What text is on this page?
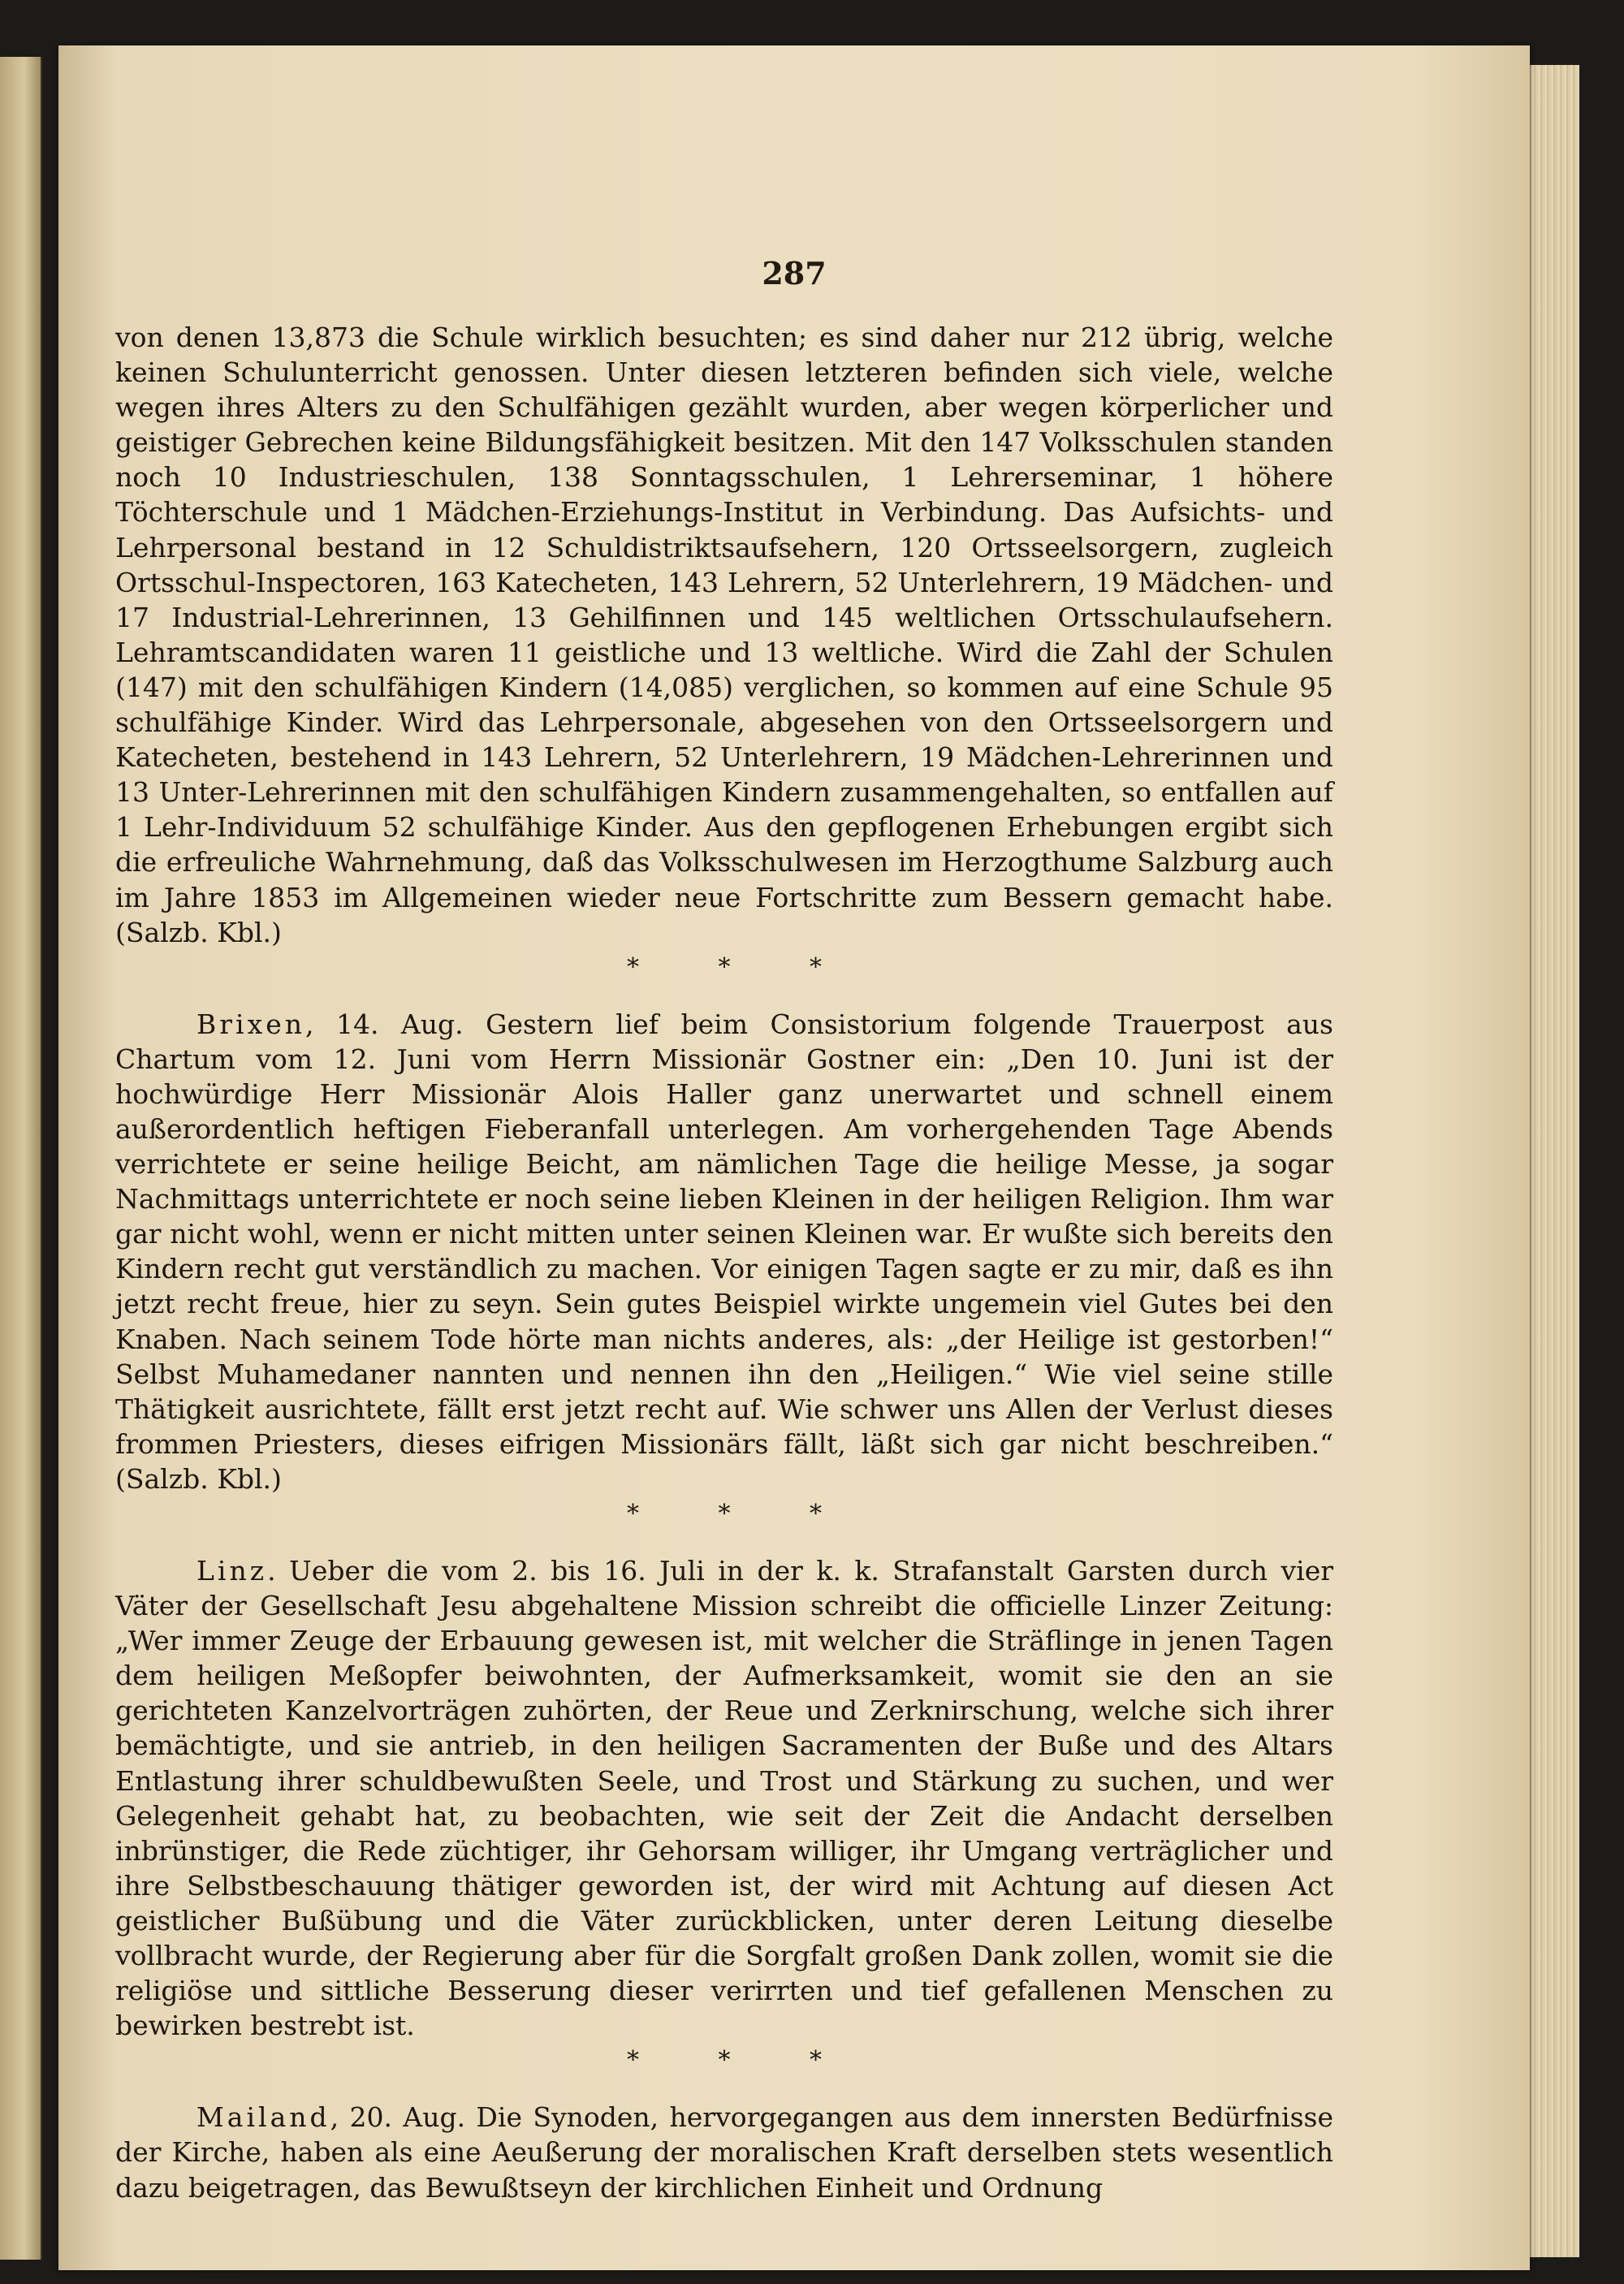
287

von denen 13,873 die Schule wirklich besuchten; es sind daher nur 212 übrig, welche keinen Schulunterricht genossen. Unter diesen letzteren befinden sich viele, welche wegen ihres Alters zu den Schulfähigen gezählt wurden, aber wegen körperlicher und geistiger Gebrechen keine Bildungsfähigkeit besitzen. Mit den 147 Volksschulen standen noch 10 Industrieschulen, 138 Sonntagsschulen, 1 Lehrerseminar, 1 höhere Töchterschule und 1 Mädchen-Erziehungs-Institut in Verbindung. Das Aufsichts- und Lehrpersonal bestand in 12 Schuldistriktsaufsehern, 120 Ortsseelsorgern, zugleich Ortsschul-Inspectoren, 163 Katecheten, 143 Lehrern, 52 Unterlehrern, 19 Mädchen- und 17 Industrial-Lehrerinnen, 13 Gehilfinnen und 145 weltlichen Ortsschulaufsehern. Lehramtscandidaten waren 11 geistliche und 13 weltliche. Wird die Zahl der Schulen (147) mit den schulfähigen Kindern (14,085) verglichen, so kommen auf eine Schule 95 schulfähige Kinder. Wird das Lehrpersonale, abgesehen von den Ortsseelsorgern und Katecheten, bestehend in 143 Lehrern, 52 Unterlehrern, 19 Mädchen-Lehrerinnen und 13 Unter-Lehrerinnen mit den schulfähigen Kindern zusammengehalten, so entfallen auf 1 Lehr-Individuum 52 schulfähige Kinder. Aus den gepflogenen Erhebungen ergibt sich die erfreuliche Wahrnehmung, daß das Volksschulwesen im Herzogthume Salzburg auch im Jahre 1853 im Allgemeinen wieder neue Fortschritte zum Bessern gemacht habe. (Salzb. Kbl.)

* * *

Brixen, 14. Aug. Gestern lief beim Consistorium folgende Trauerpost aus Chartum vom 12. Juni vom Herrn Missionär Gostner ein: „Den 10. Juni ist der hochwürdige Herr Missionär Alois Haller ganz unerwartet und schnell einem außerordentlich heftigen Fieberanfall unterlegen. Am vorhergehenden Tage Abends verrichtete er seine heilige Beicht, am nämlichen Tage die heilige Messe, ja sogar Nachmittags unterrichtete er noch seine lieben Kleinen in der heiligen Religion. Ihm war gar nicht wohl, wenn er nicht mitten unter seinen Kleinen war. Er wußte sich bereits den Kindern recht gut verständlich zu machen. Vor einigen Tagen sagte er zu mir, daß es ihn jetzt recht freue, hier zu seyn. Sein gutes Beispiel wirkte ungemein viel Gutes bei den Knaben. Nach seinem Tode hörte man nichts anderes, als: „der Heilige ist gestorben!“ Selbst Muhamedaner nannten und nennen ihn den „Heiligen.“ Wie viel seine stille Thätigkeit ausrichtete, fällt erst jetzt recht auf. Wie schwer uns Allen der Verlust dieses frommen Priesters, dieses eifrigen Missionärs fällt, läßt sich gar nicht beschreiben.“ (Salzb. Kbl.)

* * *

Linz. Ueber die vom 2. bis 16. Juli in der k. k. Strafanstalt Garsten durch vier Väter der Gesellschaft Jesu abgehaltene Mission schreibt die officielle Linzer Zeitung: „Wer immer Zeuge der Erbauung gewesen ist, mit welcher die Sträflinge in jenen Tagen dem heiligen Meßopfer beiwohnten, der Aufmerksamkeit, womit sie den an sie gerichteten Kanzelvorträgen zuhörten, der Reue und Zerknirschung, welche sich ihrer bemächtigte, und sie antrieb, in den heiligen Sacramenten der Buße und des Altars Entlastung ihrer schuldbewußten Seele, und Trost und Stärkung zu suchen, und wer Gelegenheit gehabt hat, zu beobachten, wie seit der Zeit die Andacht derselben inbrünstiger, die Rede züchtiger, ihr Gehorsam williger, ihr Umgang verträglicher und ihre Selbstbeschauung thätiger geworden ist, der wird mit Achtung auf diesen Act geistlicher Bußübung und die Väter zurückblicken, unter deren Leitung dieselbe vollbracht wurde, der Regierung aber für die Sorgfalt großen Dank zollen, womit sie die religiöse und sittliche Besserung dieser verirrten und tief gefallenen Menschen zu bewirken bestrebt ist.

* * *

Mailand, 20. Aug. Die Synoden, hervorgegangen aus dem innersten Bedürfnisse der Kirche, haben als eine Aeußerung der moralischen Kraft derselben stets wesentlich dazu beigetragen, das Bewußtseyn der kirchlichen Einheit und Ordnung
